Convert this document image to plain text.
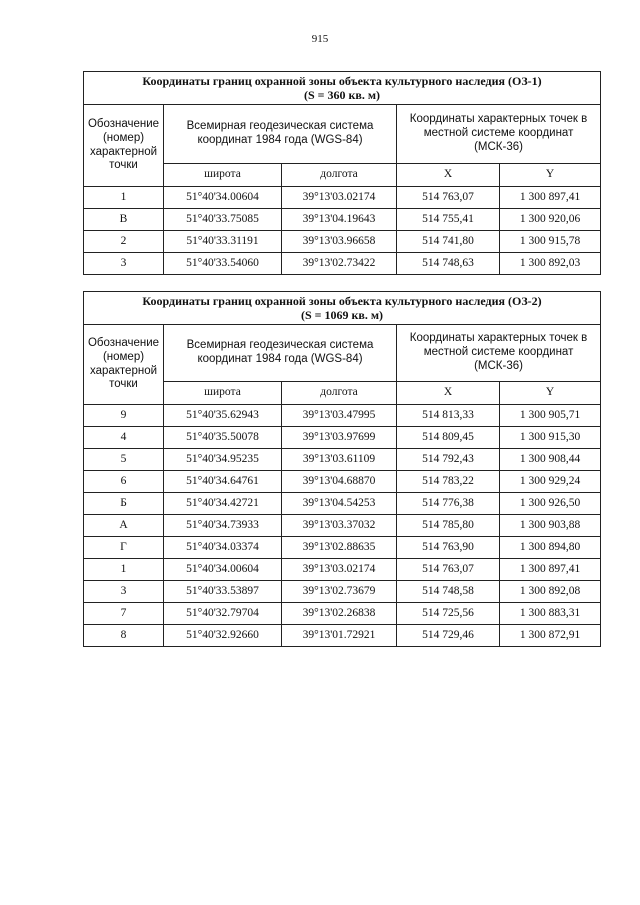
915
Координаты границ охранной зоны объекта культурного наследия (ОЗ-1)
(S = 360 кв. м)				

Обозначение (номер) характерной точки	Всемирная геодезическая система координат 1984 года (WGS-84)		Координаты характерных точек в местной системе координат (МСК-36)	
	широта	долгота	X	Y
1	51°40'34.00604	39°13'03.02174	514 763,07	1 300 897,41
В	51°40'33.75085	39°13'04.19643	514 755,41	1 300 920,06
2	51°40'33.31191	39°13'03.96658	514 741,80	1 300 915,78
3	51°40'33.54060	39°13'02.73422	514 748,63	1 300 892,03
Координаты границ охранной зоны объекта культурного наследия (ОЗ-2)
(S = 1069 кв. м)				

Обозначение (номер) характерной точки	Всемирная геодезическая система координат 1984 года (WGS-84)		Координаты характерных точек в местной системе координат (МСК-36)	
	широта	долгота	X	Y
9	51°40'35.62943	39°13'03.47995	514 813,33	1 300 905,71
4	51°40'35.50078	39°13'03.97699	514 809,45	1 300 915,30
5	51°40'34.95235	39°13'03.61109	514 792,43	1 300 908,44
6	51°40'34.64761	39°13'04.68870	514 783,22	1 300 929,24
Б	51°40'34.42721	39°13'04.54253	514 776,38	1 300 926,50
А	51°40'34.73933	39°13'03.37032	514 785,80	1 300 903,88
Г	51°40'34.03374	39°13'02.88635	514 763,90	1 300 894,80
1	51°40'34.00604	39°13'03.02174	514 763,07	1 300 897,41
3	51°40'33.53897	39°13'02.73679	514 748,58	1 300 892,08
7	51°40'32.79704	39°13'02.26838	514 725,56	1 300 883,31
8	51°40'32.92660	39°13'01.72921	514 729,46	1 300 872,91
